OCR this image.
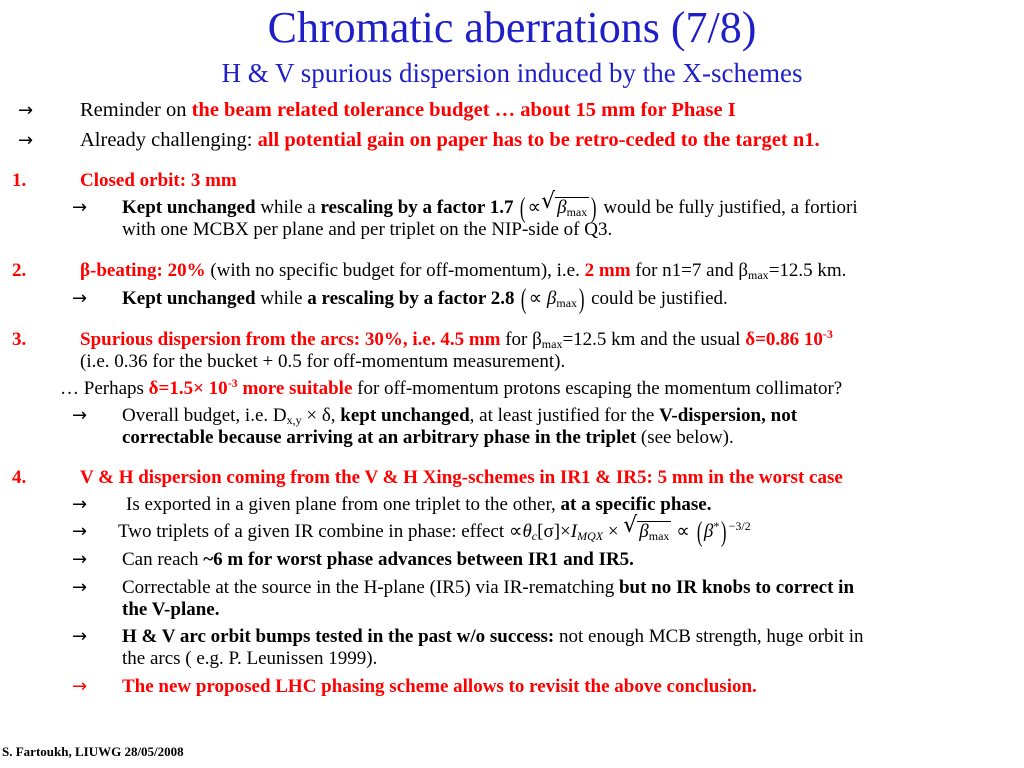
Chromatic aberrations (7/8)
H & V spurious dispersion induced by the X-schemes
→ Reminder on the beam related tolerance budget … about 15 mm for Phase I
→ Already challenging: all potential gain on paper has to be retro-ceded to the target n1.
1.	Closed orbit: 3 mm
→ Kept unchanged while a rescaling by a factor 1.7 (∝ √ $\beta_{max}$ ) would be fully justified, a fortiori
with one MCBX per plane and per triplet on the NIP-side of Q3.
2.	β-beating: 20% (with no specific budget for off-momentum), i.e. 2 mm for n1=7 and $\beta_{max}=12.5$ km.
→ Kept unchanged while a rescaling by a factor 2.8 (∝ $\beta_{max}$) could be justified.
3.	Spurious dispersion from the arcs: 30%, i.e. 4.5 mm for $\beta_{max}=12.5$ km and the usual δ=0.86 $10^{-3}$
(i.e. 0.36 for the bucket + 0.5 for off-momentum measurement).
… Perhaps $\delta=1.5\times 10^{-3}$ more suitable for off-momentum protons escaping the momentum collimator?
→ Overall budget, i.e. $D_{x,y} \times \delta$, kept unchanged, at least justified for the V-dispersion, not
correctable because arriving at an arbitrary phase in the triplet (see below).
4.	V & H dispersion coming from the V & H Xing-schemes in IR1 & IR5: 5 mm in the worst case
→ Is exported in a given plane from one triplet to the other, at a specific phase.
→ Two triplets of a given IR combine in phase: effect $\propto\theta_c[\sigma]\times I_{MQX}$ × √ $\beta_{max} \propto (\beta^*)$ $^{-3/2}$
→ Can reach ~6 m for worst phase advances between IR1 and IR5.
→ Correctable at the source in the H-plane (IR5) via IR-rematching but no IR knobs to correct in
the V-plane.
→ H & V arc orbit bumps tested in the past w/o success: not enough MCB strength, huge orbit in
the arcs ( e.g. P. Leunissen 1999).
→ The new proposed LHC phasing scheme allows to revisit the above conclusion.
S. Fartoukh, LIUWG 28/05/2008
